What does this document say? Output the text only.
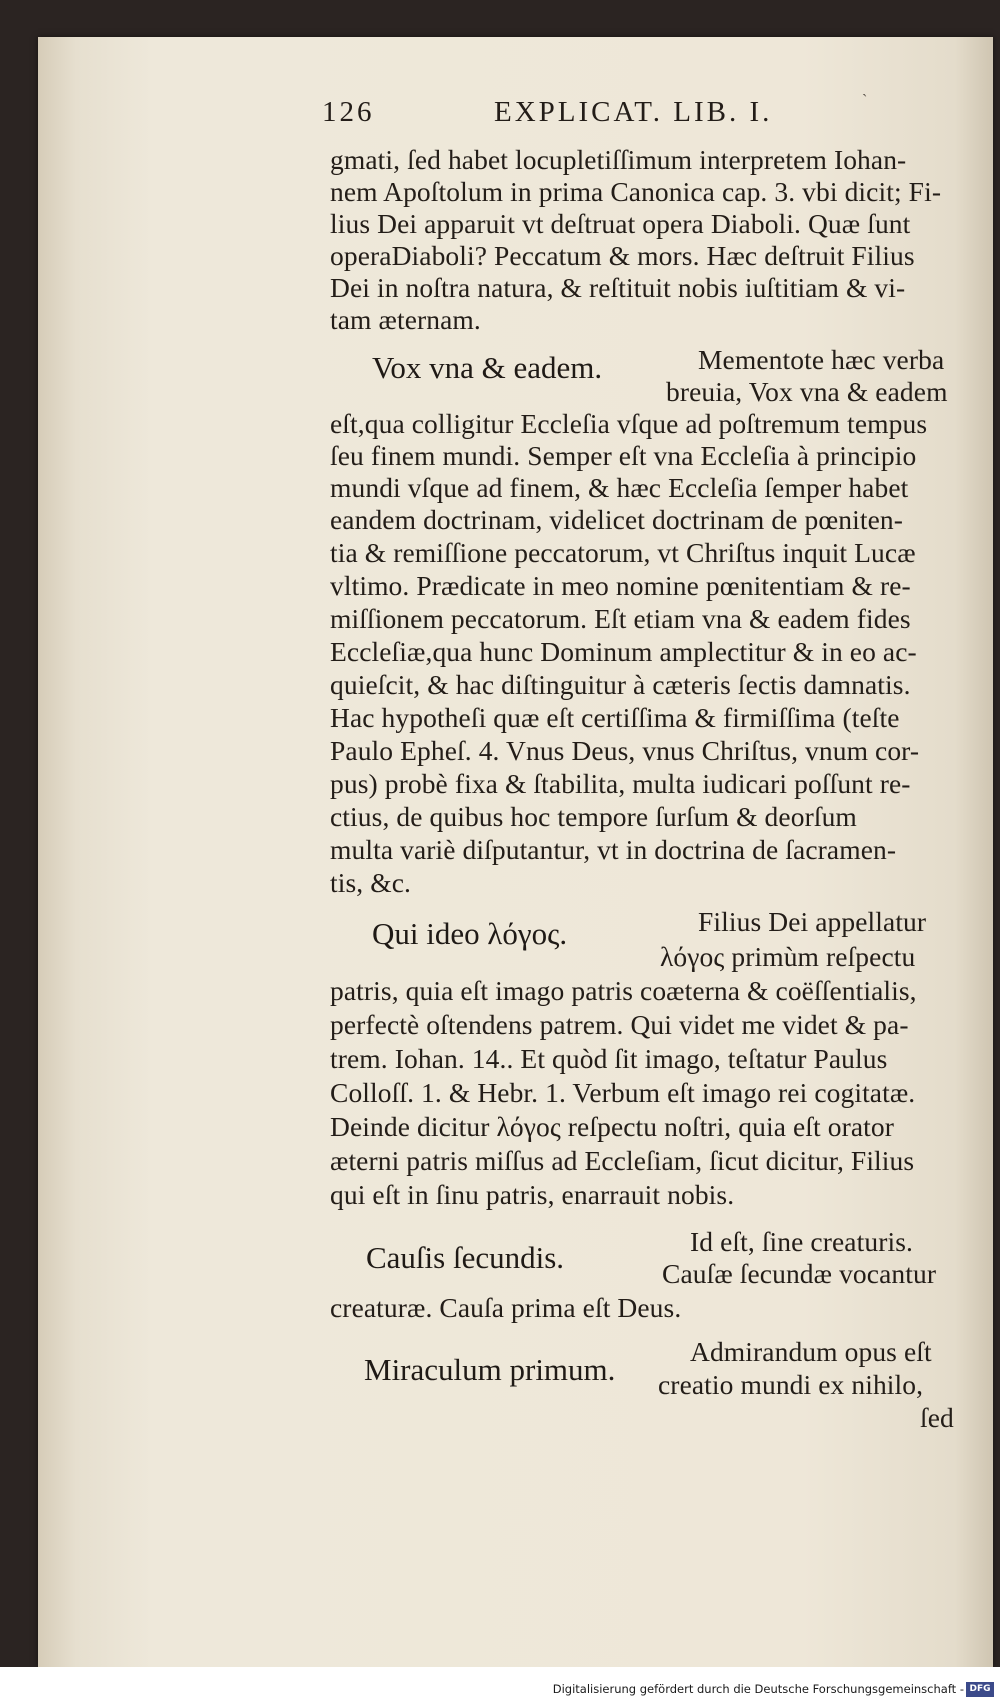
126	EXPLICAT. LIB. I.	ˋ
gmati, ſed habet locupletiſſimum interpretem Iohan-
nem Apoſtolum in prima Canonica cap. 3. vbi dicit; Fi-
lius Dei apparuit vt deſtruat opera Diaboli. Quæ ſunt
operaDiaboli? Peccatum & mors. Hæc deſtruit Filius
Dei in noſtra natura, & reſtituit nobis iuſtitiam & vi-
tam æternam.
Vox vna & eadem.	Mementote hæc verba
breuia, Vox vna & eadem
eſt,qua colligitur Eccleſia vſque ad poſtremum tempus
ſeu finem mundi. Semper eſt vna Eccleſia à principio
mundi vſque ad finem, & hæc Eccleſia ſemper habet
eandem doctrinam, videlicet doctrinam de pœniten-
tia & remiſſione peccatorum, vt Chriſtus inquit Lucæ
vltimo. Prædicate in meo nomine pœnitentiam & re-
miſſionem peccatorum. Eſt etiam vna & eadem fides
Eccleſiæ,qua hunc Dominum amplectitur & in eo ac-
quieſcit, & hac diſtinguitur à cæteris ſectis damnatis.
Hac hypotheſi quæ eſt certiſſima & firmiſſima (teſte
Paulo Epheſ. 4. Vnus Deus, vnus Chriſtus, vnum cor-
pus) probè fixa & ſtabilita, multa iudicari poſſunt re-
ctius, de quibus hoc tempore ſurſum & deorſum
multa variè diſputantur, vt in doctrina de ſacramen-
tis, &c.
Qui ideo λόγος.	Filius Dei appellatur
λόγος primùm reſpectu
patris, quia eſt imago patris coæterna & coëſſentialis,
perfectè oſtendens patrem. Qui videt me videt & pa-
trem. Iohan. 14.. Et quòd ſit imago, teſtatur Paulus
Colloſſ. 1. & Hebr. 1. Verbum eſt imago rei cogitatæ.
Deinde dicitur λόγος reſpectu noſtri, quia eſt orator
æterni patris miſſus ad Eccleſiam, ſicut dicitur, Filius
qui eſt in ſinu patris, enarrauit nobis.
Cauſis ſecundis.	Id eſt, ſine creaturis.
Cauſæ ſecundæ vocantur
creaturæ. Cauſa prima eſt Deus.
Miraculum primum.
Admirandum opus eſt
creatio mundi ex nihilo,
ſed
Digitalisierung gefördert durch die Deutsche Forschungsgemeinschaft - DFG
